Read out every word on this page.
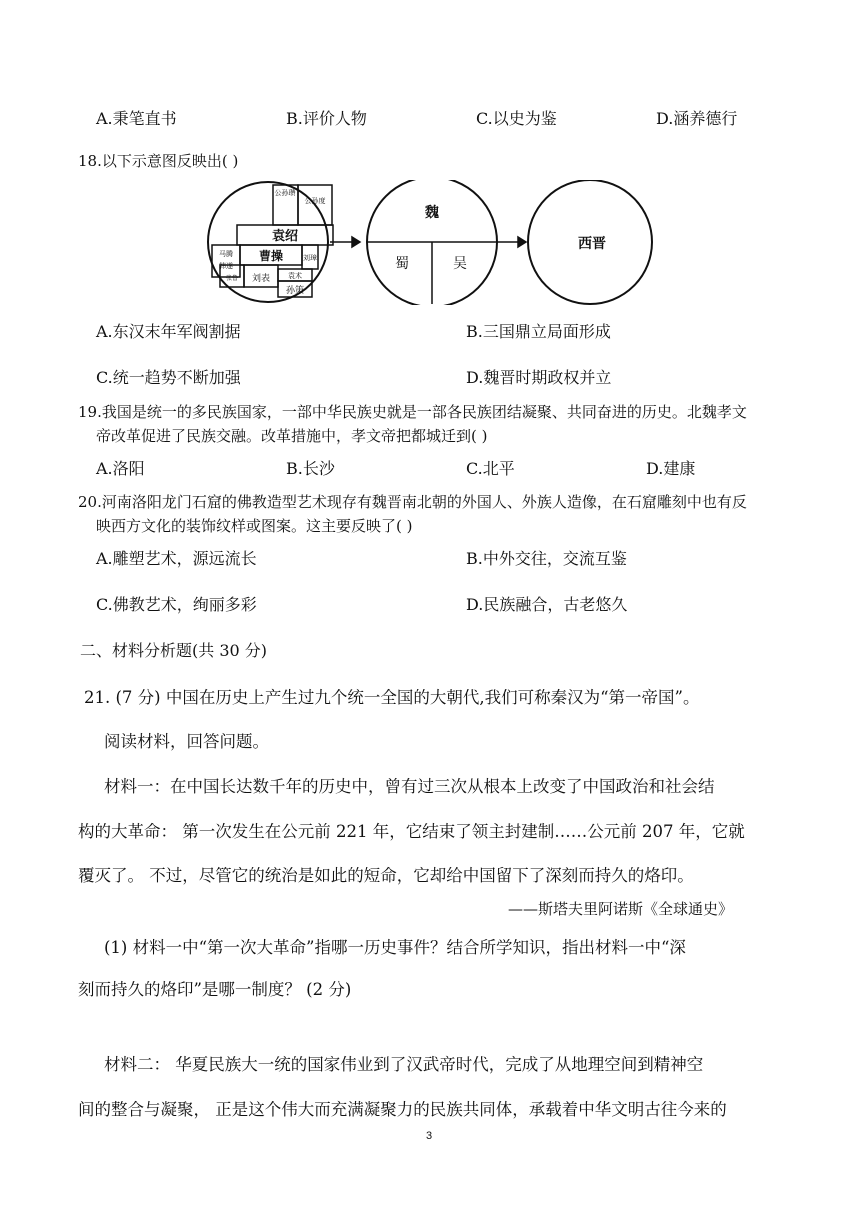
A.秉笔直书	B.评价人物	C.以史为鉴	D.涵养德行
18.以下示意图反映出( )
公孙瓒
公孙度
袁绍
马腾
韩遂
曹操	刘璋
刘表	袁术
孙策
张鲁
魏
蜀	吴
西晋
A.东汉末年军阀割据	B.三国鼎立局面形成
C.统一趋势不断加强	D.魏晋时期政权并立
19.我国是统一的多民族国家，一部中华民族史就是一部各民族团结凝聚、共同奋进的历史。北魏孝文
帝改革促进了民族交融。改革措施中，孝文帝把都城迁到( )
A.洛阳	B.长沙	C.北平	D.建康
20.河南洛阳龙门石窟的佛教造型艺术现存有魏晋南北朝的外国人、外族人造像，在石窟雕刻中也有反
映西方文化的装饰纹样或图案。这主要反映了( )
A.雕塑艺术，源远流长	B.中外交往，交流互鉴
C.佛教艺术，绚丽多彩	D.民族融合，古老悠久
二、材料分析题(共 30 分)
21. (7 分) 中国在历史上产生过九个统一全国的大朝代,我们可称秦汉为“第一帝国”。
阅读材料，回答问题。
材料一：在中国长达数千年的历史中，曾有过三次从根本上改变了中国政治和社会结
构的大革命： 第一次发生在公元前 221 年，它结束了领主封建制……公元前 207 年，它就
覆灭了。 不过，尽管它的统治是如此的短命，它却给中国留下了深刻而持久的烙印。
——斯塔夫里阿诺斯《全球通史》
(1) 材料一中“第一次大革命”指哪一历史事件？结合所学知识，指出材料一中“深
刻而持久的烙印”是哪一制度？ (2 分)
材料二： 华夏民族大一统的国家伟业到了汉武帝时代，完成了从地理空间到精神空
间的整合与凝聚， 正是这个伟大而充满凝聚力的民族共同体，承载着中华文明古往今来的
3
